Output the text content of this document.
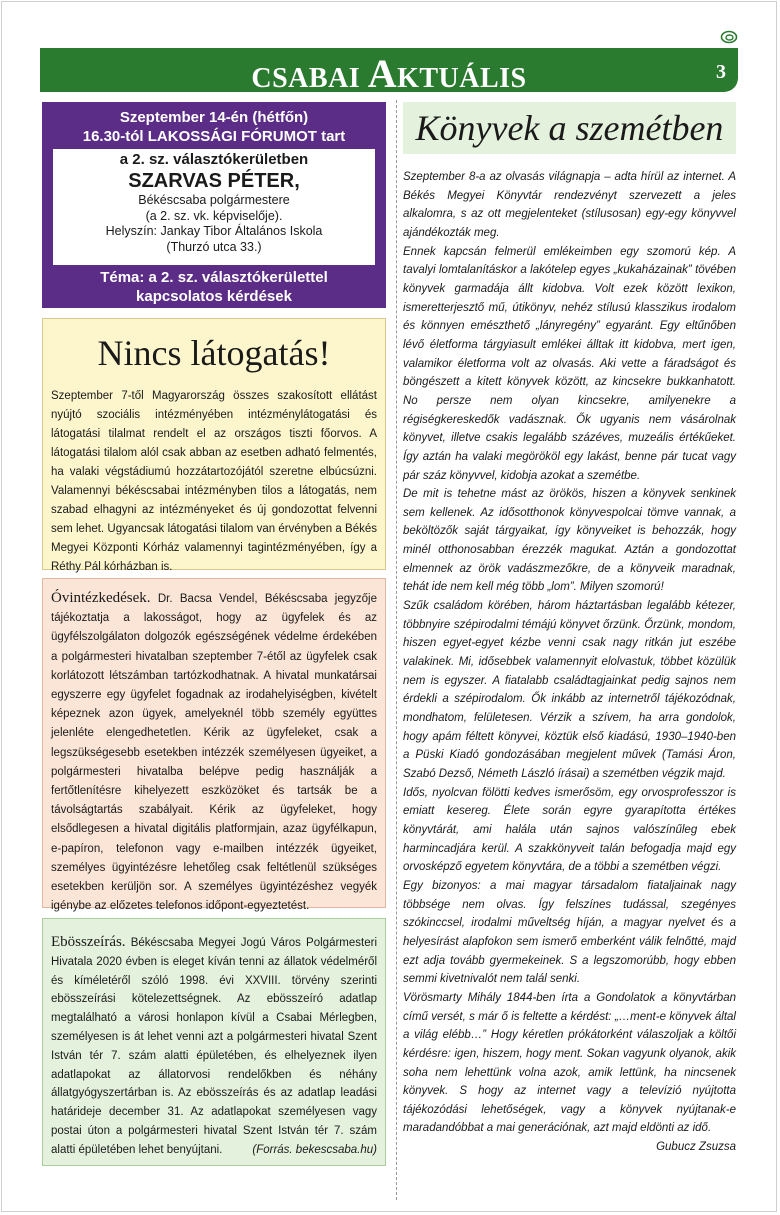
CSABAI AKTUÁLIS	3
Szeptember 14-én (hétfőn)
16.30-tól LAKOSSÁGI FÓRUMOT tart
a 2. sz. választókerületben
SZARVAS PÉTER,
Békéscsaba polgármestere
(a 2. sz. vk. képviselője).
Helyszín: Jankay Tibor Általános Iskola
(Thurzó utca 33.)
Téma: a 2. sz. választókerülettel
kapcsolatos kérdések
Nincs látogatás!
Szeptember 7-től Magyarország összes szakosított ellátást nyújtó szociális intézményében intézménylátogatási és látogatási tilalmat rendelt el az országos tiszti főorvos. A látogatási tilalom alól csak abban az esetben adható felmentés, ha valaki végstádiumú hozzátartozójától szeretne elbúcsúzni. Valamennyi békéscsabai intézményben tilos a látogatás, nem szabad elhagyni az intézményeket és új gondozottat felvenni sem lehet. Ugyancsak látogatási tilalom van érvényben a Békés Megyei Központi Kórház valamennyi tagintézményében, így a Réthy Pál kórházban is.
Óvintézkedések. Dr. Bacsa Vendel, Békéscsaba jegyzője tájékoztatja a lakosságot, hogy az ügyfelek és az ügyfélszolgálaton dolgozók egészségének védelme érdekében a polgármesteri hivatalban szeptember 7-étől az ügyfelek csak korlátozott létszámban tartózkodhatnak. A hivatal munkatársai egyszerre egy ügyfelet fogadnak az irodahelyiségben, kivételt képeznek azon ügyek, amelyeknél több személy együttes jelenléte elengedhetetlen. Kérik az ügyfeleket, csak a legszükségesebb esetekben intézzék személyesen ügyeiket, a polgármesteri hivatalba belépve pedig használják a fertőtlenítésre kihelyezett eszközöket és tartsák be a távolságtartás szabályait. Kérik az ügyfeleket, hogy elsődlegesen a hivatal digitális platformjain, azaz ügyfélkapun, e-papíron, telefonon vagy e-mailben intézzék ügyeiket, személyes ügyintézésre lehetőleg csak feltétlenül szükséges esetekben kerüljön sor. A személyes ügyintézéshez vegyék igénybe az előzetes telefonos időpont-egyeztetést.
Ebösszeírás. Békéscsaba Megyei Jogú Város Polgármesteri Hivatala 2020 évben is eleget kíván tenni az állatok védelméről és kíméletéről szóló 1998. évi XXVIII. törvény szerinti ebösszeírási kötelezettségnek. Az ebösszeíró adatlap megtalálható a városi honlapon kívül a Csabai Mérlegben, személyesen is át lehet venni azt a polgármesteri hivatal Szent István tér 7. szám alatti épületében, és elhelyeznek ilyen adatlapokat az állatorvosi rendelőkben és néhány állatgyógyszertárban is. Az ebösszeírás és az adatlap leadási határideje december 31. Az adatlapokat személyesen vagy postai úton a polgármesteri hivatal Szent István tér 7. szám alatti épületében lehet benyújtani.	(Forrás. bekescsaba.hu)
Könyvek a szemétben

Szeptember 8-a az olvasás világnapja – adta hírül az internet. A Békés Megyei Könyvtár rendezvényt szervezett a jeles alkalomra, s az ott megjelenteket (stílusosan) egy-egy könyvvel ajándékozták meg.

Ennek kapcsán felmerül emlékeimben egy szomorú kép. A tavalyi lomtalanításkor a lakótelep egyes „kukaházainak” tövében könyvek garmadája állt kidobva. Volt ezek között lexikon, ismeretterjesztő mű, útikönyv, nehéz stílusú klasszikus irodalom és könnyen emészthető „lányregény” egyaránt. Egy eltűnőben lévő életforma tárgyiasult emlékei álltak itt kidobva, mert igen, valamikor életforma volt az olvasás. Aki vette a fáradságot és böngészett a kitett könyvek között, az kincsekre bukkanhatott. No persze nem olyan kincsekre, amilyenekre a régiségkereskedők vadásznak. Ők ugyanis nem vásárolnak könyvet, illetve csakis legalább százéves, muzeális értékűeket. Így aztán ha valaki megörököl egy lakást, benne pár tucat vagy pár száz könyvvel, kidobja azokat a szemétbe.

De mit is tehetne mást az örökös, hiszen a könyvek senkinek sem kellenek. Az idősotthonok könyvespolcai tömve vannak, a beköltözők saját tárgyaikat, így könyveiket is behozzák, hogy minél otthonosabban érezzék magukat. Aztán a gondozottat elmennek az örök vadászmezőkre, de a könyveik maradnak, tehát ide nem kell még több „lom”. Milyen szomorú!

Szűk családom körében, három háztartásban legalább kétezer, többnyire szépirodalmi témájú könyvet őrzünk. Őrzünk, mondom, hiszen egyet-egyet kézbe venni csak nagy ritkán jut eszébe valakinek. Mi, idősebbek valamennyit elolvastuk, többet közülük nem is egyszer. A fiatalabb családtagjainkat pedig sajnos nem érdekli a szépirodalom. Ők inkább az internetről tájékozódnak, mondhatom, felületesen. Vérzik a szívem, ha arra gondolok, hogy apám féltett könyvei, köztük első kiadású, 1930–1940-ben a Püski Kiadó gondozásában megjelent művek (Tamási Áron, Szabó Dezső, Németh László írásai) a szemétben végzik majd.

Idős, nyolcvan fölötti kedves ismerősöm, egy orvosprofesszor is emiatt kesereg. Élete során egyre gyarapította értékes könyvtárát, ami halála után sajnos valószínűleg ebek harmincadjára kerül. A szakkönyveit talán befogadja majd egy orvosképző egyetem könyvtára, de a többi a szemétben végzi.

Egy bizonyos: a mai magyar társadalom fiataljainak nagy többsége nem olvas. Így felszínes tudással, szegényes szókinccsel, irodalmi műveltség híján, a magyar nyelvet és a helyesírást alapfokon sem ismerő emberként válik felnőtté, majd ezt adja tovább gyermekeinek. S a legszomorúbb, hogy ebben semmi kivetnivalót nem talál senki.

Vörösmarty Mihály 1844-ben írta a Gondolatok a könyvtárban című versét, s már ő is feltette a kérdést: „…ment-e könyvek által a világ elébb…” Hogy kéretlen prókátorként válaszoljak a költői kérdésre: igen, hiszem, hogy ment. Sokan vagyunk olyanok, akik soha nem lehettünk volna azok, amik lettünk, ha nincsenek könyvek. S hogy az internet vagy a televízió nyújtotta tájékozódási lehetőségek, vagy a könyvek nyújtanak-e maradandóbbat a mai generációnak, azt majd eldönti az idő.
Gubucz Zsuzsa
